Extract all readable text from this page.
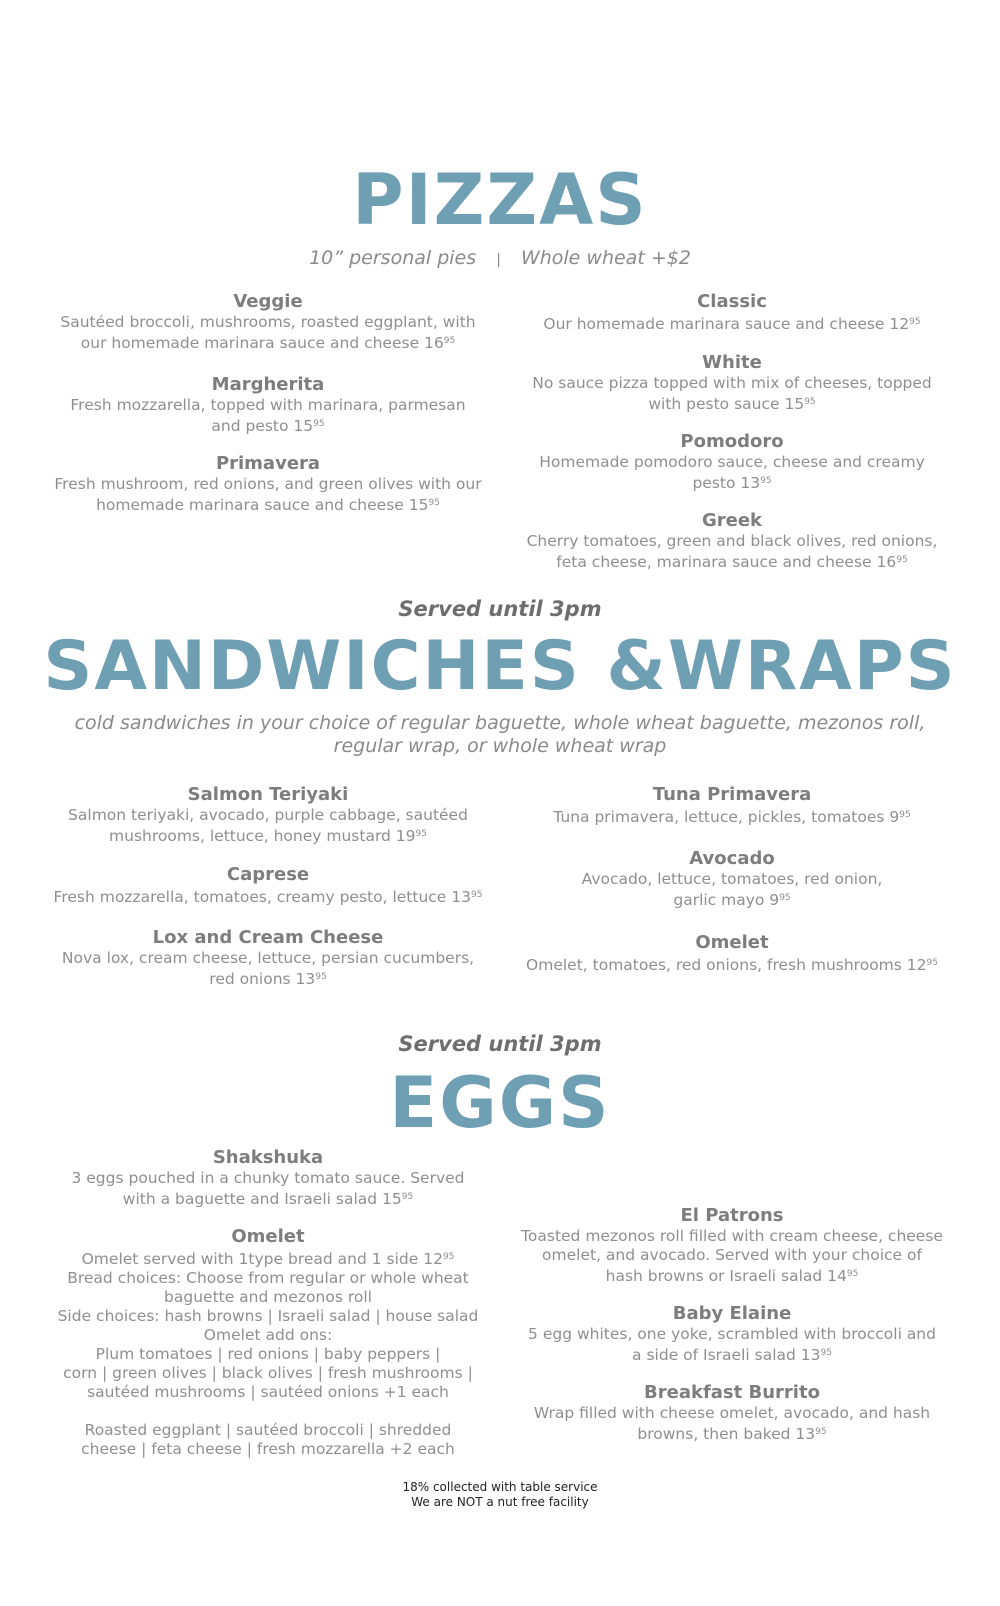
PIZZAS
10” personal pies | Whole wheat +$2
Veggie
Sautéed broccoli, mushrooms, roasted eggplant, with
our homemade marinara sauce and cheese $16^{95}$
Margherita
Fresh mozzarella, topped with marinara, parmesan
and pesto $15^{95}$
Primavera
Fresh mushroom, red onions, and green olives with our
homemade marinara sauce and cheese $15^{95}$
Classic
Our homemade marinara sauce and cheese $12^{95}$
White
No sauce pizza topped with mix of cheeses, topped
with pesto sauce $15^{95}$
Pomodoro
Homemade pomodoro sauce, cheese and creamy
pesto $13^{95}$
Greek
Cherry tomatoes, green and black olives, red onions,
feta cheese, marinara sauce and cheese $16^{95}$
Served until 3pm
SANDWICHES &WRAPS
cold sandwiches in your choice of regular baguette, whole wheat baguette, mezonos roll,
regular wrap, or whole wheat wrap
Salmon Teriyaki
Salmon teriyaki, avocado, purple cabbage, sautéed
mushrooms, lettuce, honey mustard $19^{95}$
Caprese
Fresh mozzarella, tomatoes, creamy pesto, lettuce $13^{95}$
Lox and Cream Cheese
Nova lox, cream cheese, lettuce, persian cucumbers,
red onions $13^{95}$
Tuna Primavera
Tuna primavera, lettuce, pickles, tomatoes $9^{95}$
Avocado
Avocado, lettuce, tomatoes, red onion,
garlic mayo $9^{95}$
Omelet
Omelet, tomatoes, red onions, fresh mushrooms $12^{95}$
Served until 3pm
EGGS
Shakshuka
3 eggs pouched in a chunky tomato sauce. Served
with a baguette and Israeli salad $15^{95}$
Omelet
Omelet served with 1type bread and 1 side $12^{95}$
Bread choices: Choose from regular or whole wheat
baguette and mezonos roll
Side choices: hash browns | Israeli salad | house salad
Omelet add ons:
Plum tomatoes | red onions | baby peppers |
corn | green olives | black olives | fresh mushrooms |
sautéed mushrooms | sautéed onions +1 each

Roasted eggplant | sautéed broccoli | shredded
cheese | feta cheese | fresh mozzarella +2 each
El Patrons
Toasted mezonos roll filled with cream cheese, cheese
omelet, and avocado. Served with your choice of
hash browns or Israeli salad $14^{95}$
Baby Elaine
5 egg whites, one yoke, scrambled with broccoli and
a side of Israeli salad $13^{95}$
Breakfast Burrito
Wrap filled with cheese omelet, avocado, and hash
browns, then baked $13^{95}$
18% collected with table service
We are NOT a nut free facility
